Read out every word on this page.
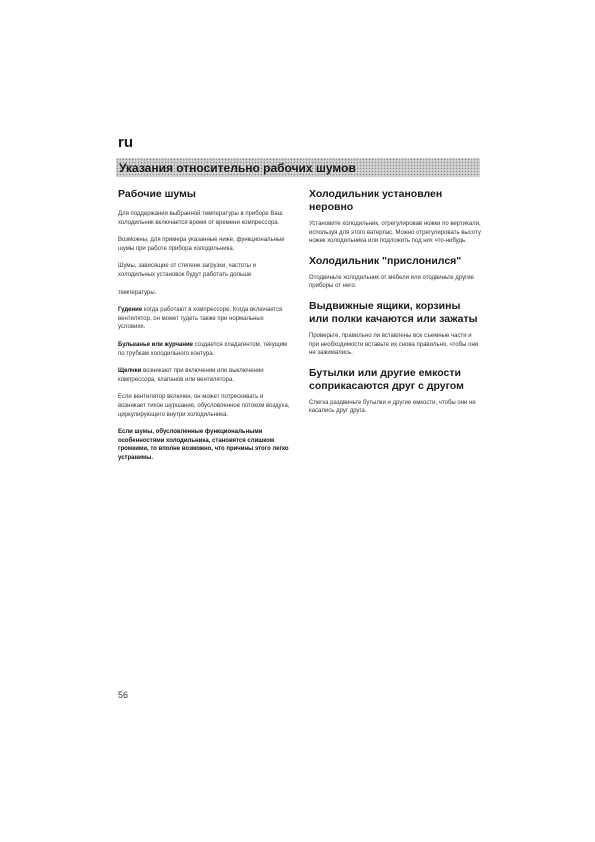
ru
Указания относительно рабочих шумов
Рабочие шумы

Для поддержания выбранной температуры в приборе Ваш холодильник включается время от времени компрессора.

Возможны, для примера указанные ниже, функциональные шумы при работе прибора холодильника.

Шумы, зависящие от степени загрузки, частоты и холодильных установок будут работать дольше

температуры.

Гудение когда работают в компрессоре. Когда включается вентилятор, он может гудеть также при нормальных условиях.

Бульканье или журчание создается хладагентом, текущим по трубкам холодильного контура.

Щелчки возникают при включении или выключении компрессора, клапанов или вентилятора.

Если вентилятор включен, он может потрескивать и возникает тихое шуршание, обусловленное потоком воздуха, циркулирующего внутри холодильника.

Если шумы, обусловленные функциональными особенностями холодильника, становятся слишком громкими, то вполне возможно, что причины этого легко устранимы.

Холодильник установлен неровно

Установите холодильник, отрегулировав ножки по вертикали, используя для этого ватерпас. Можно отрегулировать высоту ножек холодильника или подложить под них что-нибудь.

Холодильник "прислонился"

Отодвиньте холодильник от мебели или отодвиньте другие приборы от него.

Выдвижные ящики, корзины или полки качаются или зажаты

Проверьте, правильно ли вставлены все съемные части и при необходимости вставьте их снова правильно, чтобы они не зажимались.

Бутылки или другие емкости соприкасаются друг с другом

Слегка раздвиньте бутылки и другие емкости, чтобы они не касались друг друга.

56
